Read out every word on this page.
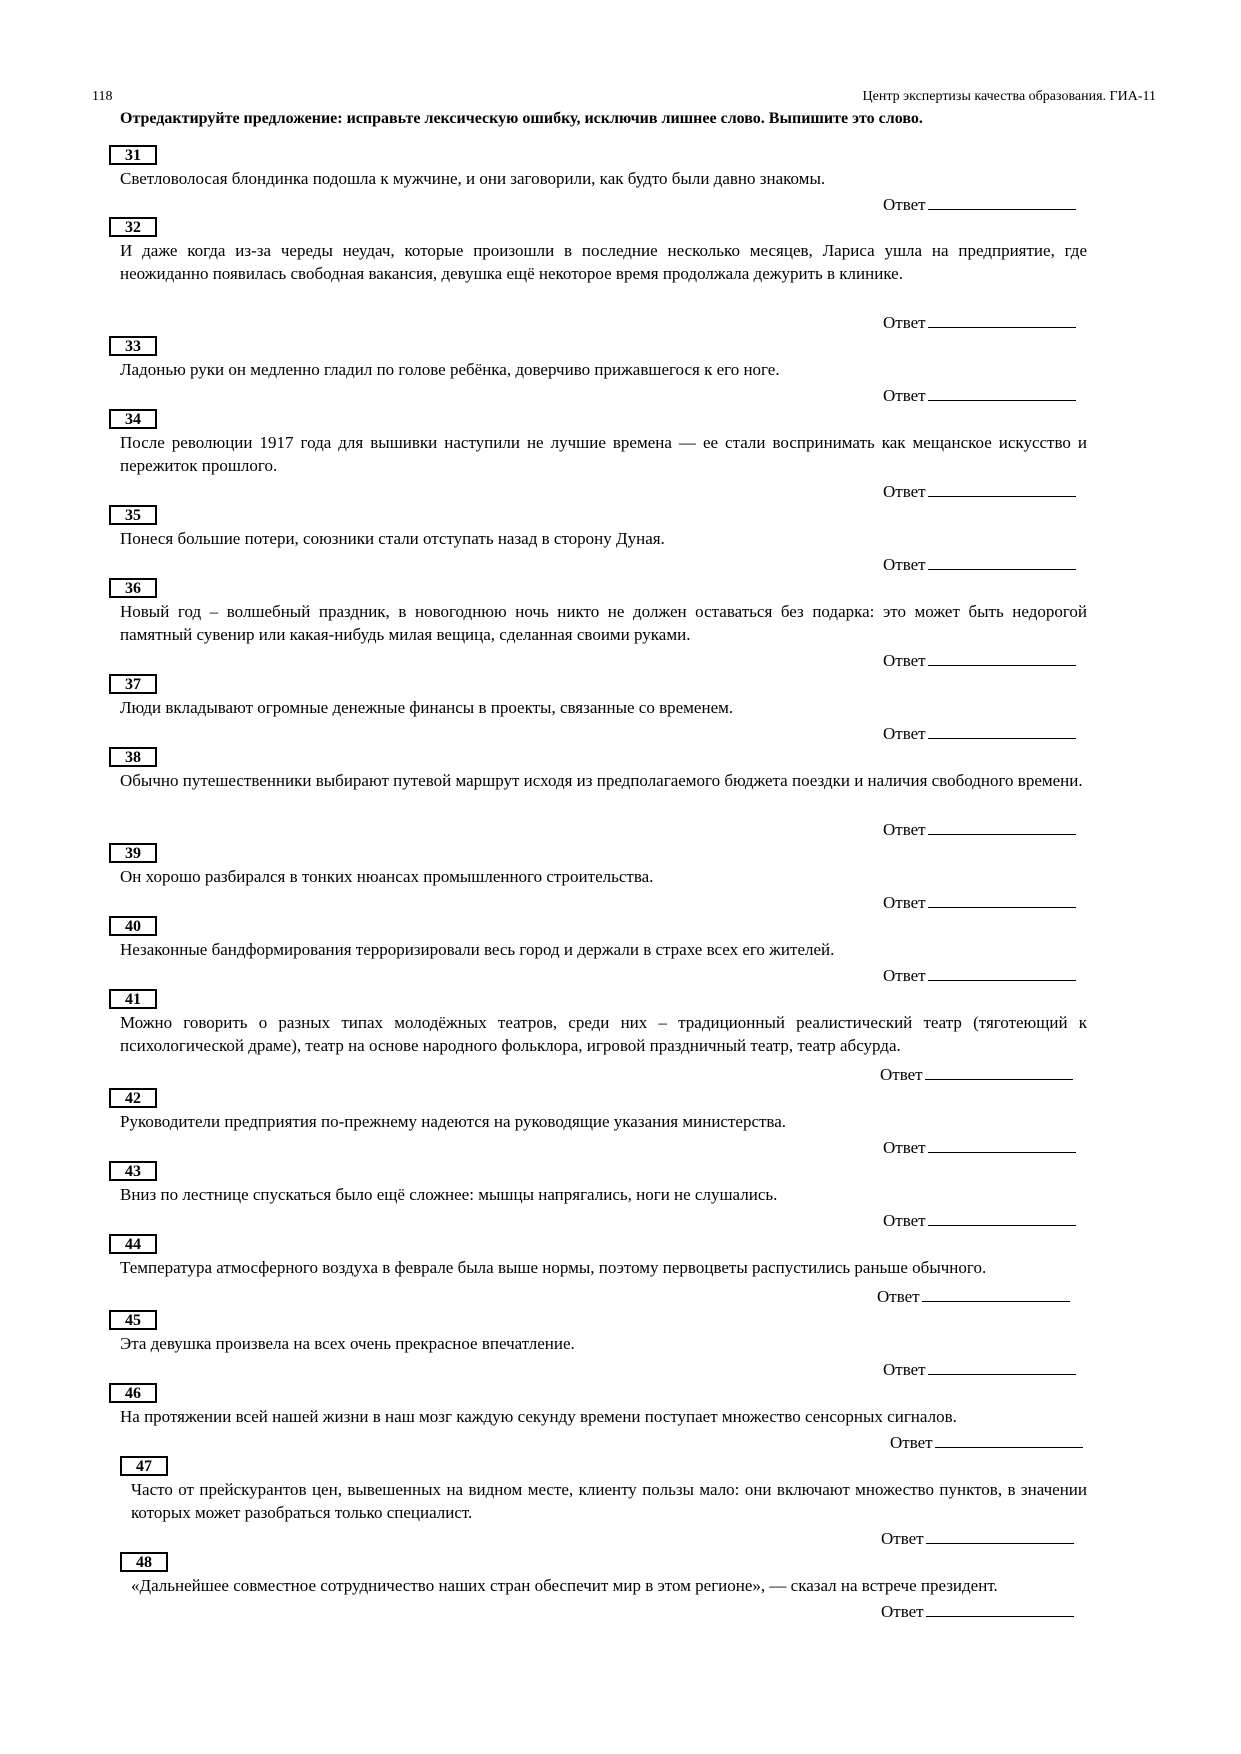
118	Центр экспертизы качества образования. ГИА-11
Отредактируйте предложение: исправьте лексическую ошибку, исключив лишнее слово. Выпишите это слово.
31
Светловолосая блондинка подошла к мужчине, и они заговорили, как будто были давно знакомы.
Ответ
32
И даже когда из-за череды неудач, которые произошли в последние несколько месяцев, Лариса ушла на предприятие, где неожиданно появилась свободная вакансия, девушка ещё некоторое время продолжала дежурить в клинике.
Ответ
33
Ладонью руки он медленно гладил по голове ребёнка, доверчиво прижавшегося к его ноге.
Ответ
34
После революции 1917 года для вышивки наступили не лучшие времена — ее стали воспринимать как мещанское искусство и пережиток прошлого.
Ответ
35
Понеся большие потери, союзники стали отступать назад в сторону Дуная.
Ответ
36
Новый год – волшебный праздник, в новогоднюю ночь никто не должен оставаться без подарка: это может быть недорогой памятный сувенир или какая-нибудь милая вещица, сделанная своими руками.
Ответ
37
Люди вкладывают огромные денежные финансы в проекты, связанные со временем.
Ответ
38
Обычно путешественники выбирают путевой маршрут исходя из предполагаемого бюджета поездки и наличия свободного времени.
Ответ
39
Он хорошо разбирался в тонких нюансах промышленного строительства.
Ответ
40
Незаконные бандформирования терроризировали весь город и держали в страхе всех его жителей.
Ответ
41
Можно говорить о разных типах молодёжных театров, среди них – традиционный реалистический театр (тяготеющий к психологической драме), театр на основе народного фольклора, игровой праздничный театр, театр абсурда.
Ответ
42
Руководители предприятия по-прежнему надеются на руководящие указания министерства.
Ответ
43
Вниз по лестнице спускаться было ещё сложнее: мышцы напрягались, ноги не слушались.
Ответ
44
Температура атмосферного воздуха в феврале была выше нормы, поэтому первоцветы распустились раньше обычного.
Ответ
45
Эта девушка произвела на всех очень прекрасное впечатление.
Ответ
46
На протяжении всей нашей жизни в наш мозг каждую секунду времени поступает множество сенсорных сигналов.
Ответ
47
Часто от прейскурантов цен, вывешенных на видном месте, клиенту пользы мало: они включают множество пунктов, в значении которых может разобраться только специалист.
Ответ
48
«Дальнейшее совместное сотрудничество наших стран обеспечит мир в этом регионе», — сказал на встрече президент.
Ответ
